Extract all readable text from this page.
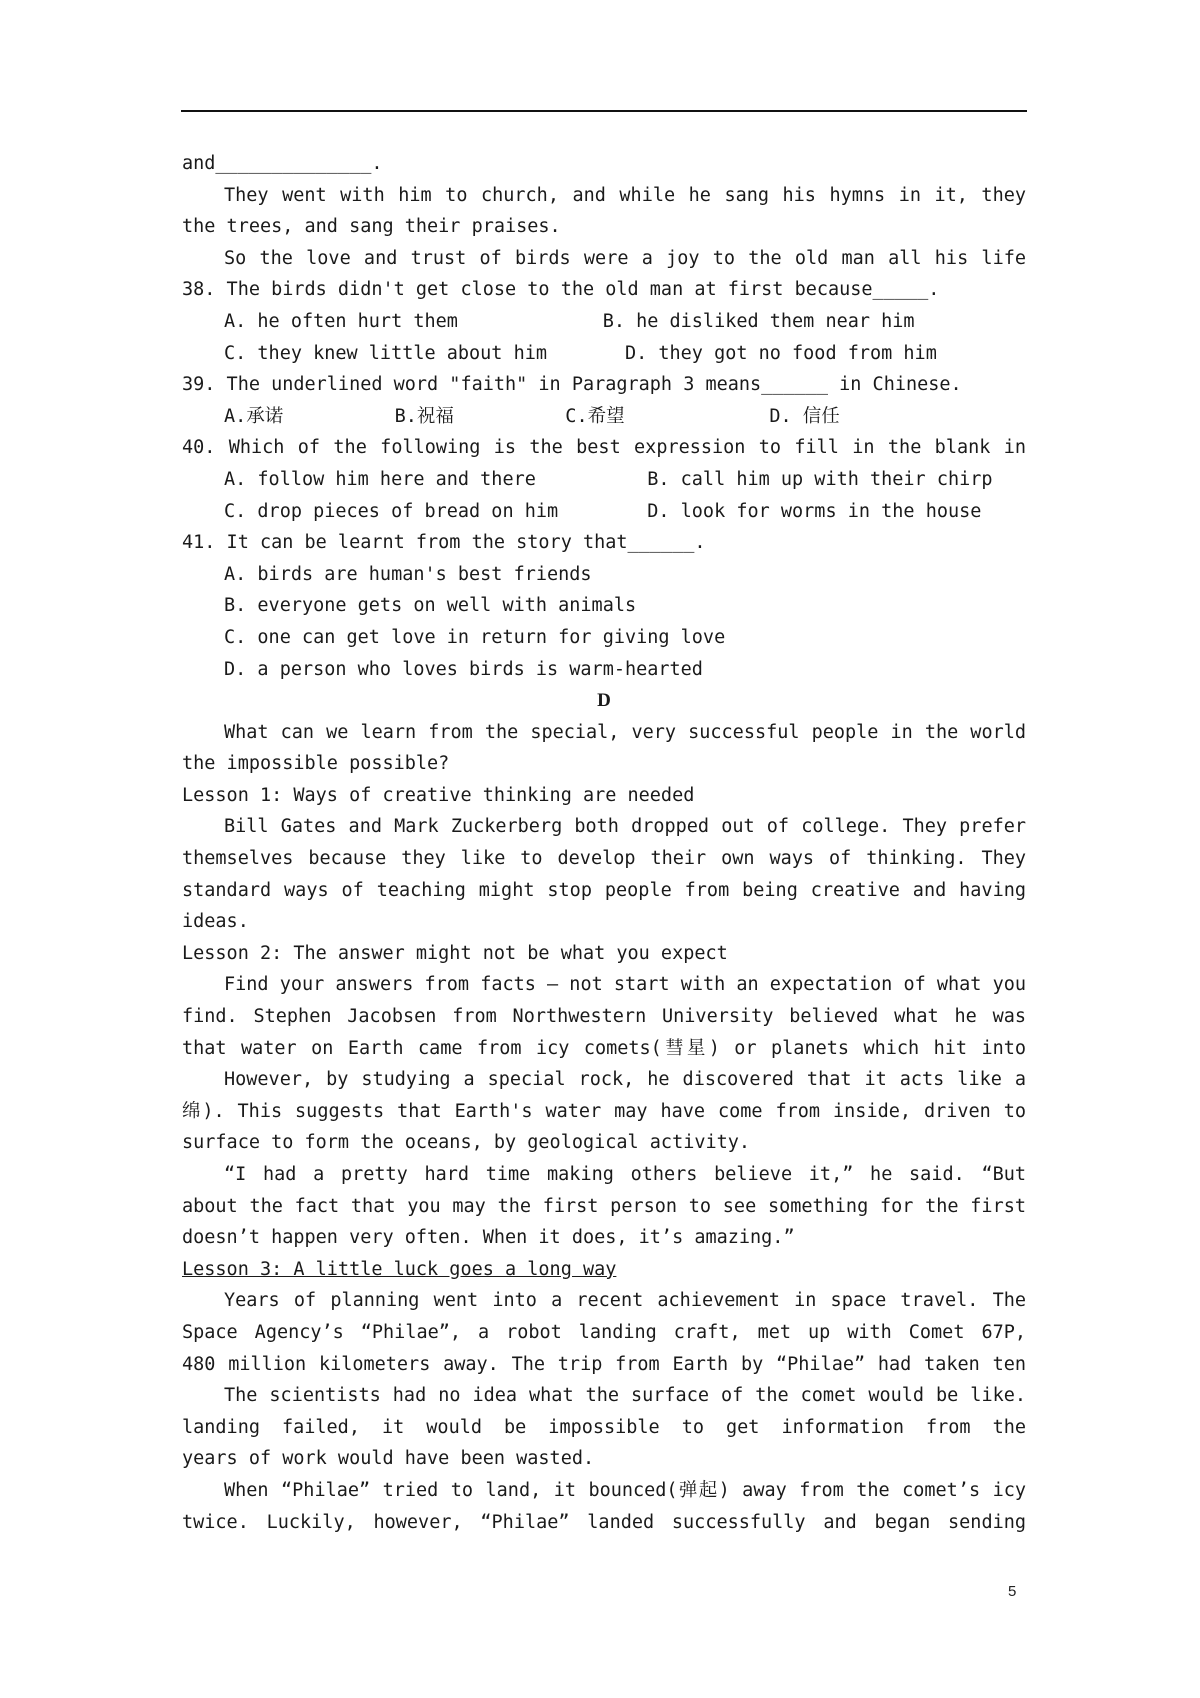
and______________.
They went with him to church, and while he sang his hymns in it, they
the trees, and sang their praises.
So the love and trust of birds were a joy to the old man all his life
38. The birds didn't get close to the old man at first because_____.
A. he often hurt them             B. he disliked them near him
C. they knew little about him       D. they got no food from him
39. The underlined word "faith" in Paragraph 3 means______ in Chinese.
A.承诺          B.祝福          C.希望             D. 信任
40. Which of the following is the best expression to fill in the blank in
A. follow him here and there          B. call him up with their chirp
C. drop pieces of bread on him        D. look for worms in the house
41. It can be learnt from the story that______.
A. birds are human's best friends
B. everyone gets on well with animals
C. one can get love in return for giving love
D. a person who loves birds is warm-hearted
D
What can we learn from the special, very successful people in the world
the impossible possible?
Lesson 1: Ways of creative thinking are needed
Bill Gates and Mark Zuckerberg both dropped out of college. They prefer
themselves because they like to develop their own ways of thinking. They
standard ways of teaching might stop people from being creative and having
ideas.
Lesson 2: The answer might not be what you expect
Find your answers from facts — not start with an expectation of what you
find. Stephen Jacobsen from Northwestern University believed what he was
that water on Earth came from icy comets(彗星) or planets which hit into
However, by studying a special rock, he discovered that it acts like a
绵). This suggests that Earth's water may have come from inside, driven to
surface to form the oceans, by geological activity.
“I had a pretty hard time making others believe it,” he said. “But
about the fact that you may the first person to see something for the first
doesn’t happen very often. When it does, it’s amazing.”
Lesson 3: A little luck goes a long way
Years of planning went into a recent achievement in space travel. The
Space Agency’s “Philae”, a robot landing craft, met up with Comet 67P,
480 million kilometers away. The trip from Earth by “Philae” had taken ten
The scientists had no idea what the surface of the comet would be like.
landing failed, it would be impossible to get information from the
years of work would have been wasted.
When “Philae” tried to land, it bounced(弹起) away from the comet’s icy
twice. Luckily, however, “Philae” landed successfully and began sending
5
